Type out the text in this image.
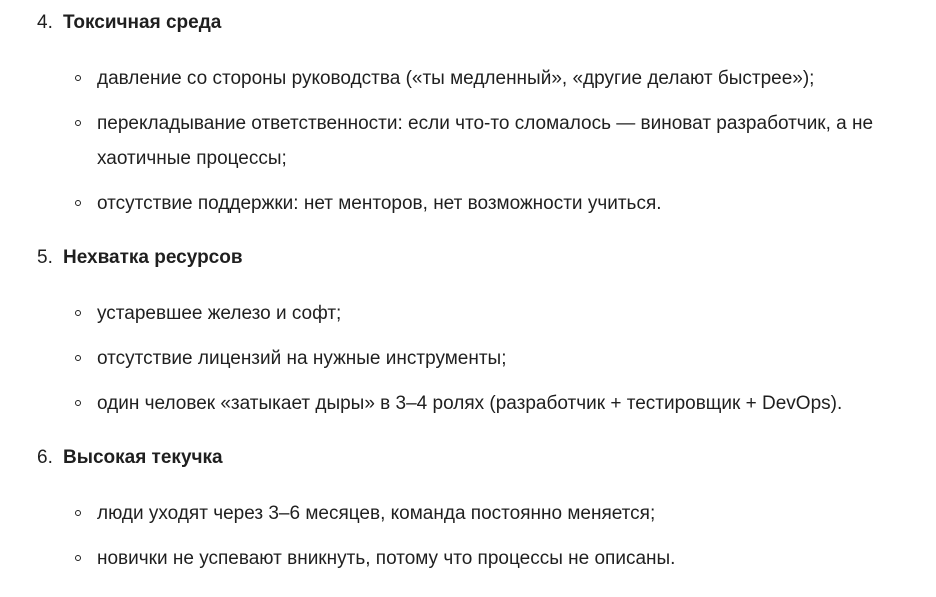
4. Токсичная среда
давление со стороны руководства («ты медленный», «другие делают быстрее»);
перекладывание ответственности: если что-то сломалось — виноват разработчик, а не хаотичные процессы;
отсутствие поддержки: нет менторов, нет возможности учиться.
5. Нехватка ресурсов
устаревшее железо и софт;
отсутствие лицензий на нужные инструменты;
один человек «затыкает дыры» в 3–4 ролях (разработчик + тестировщик + DevOps).
6. Высокая текучка
люди уходят через 3–6 месяцев, команда постоянно меняется;
новички не успевают вникнуть, потому что процессы не описаны.
